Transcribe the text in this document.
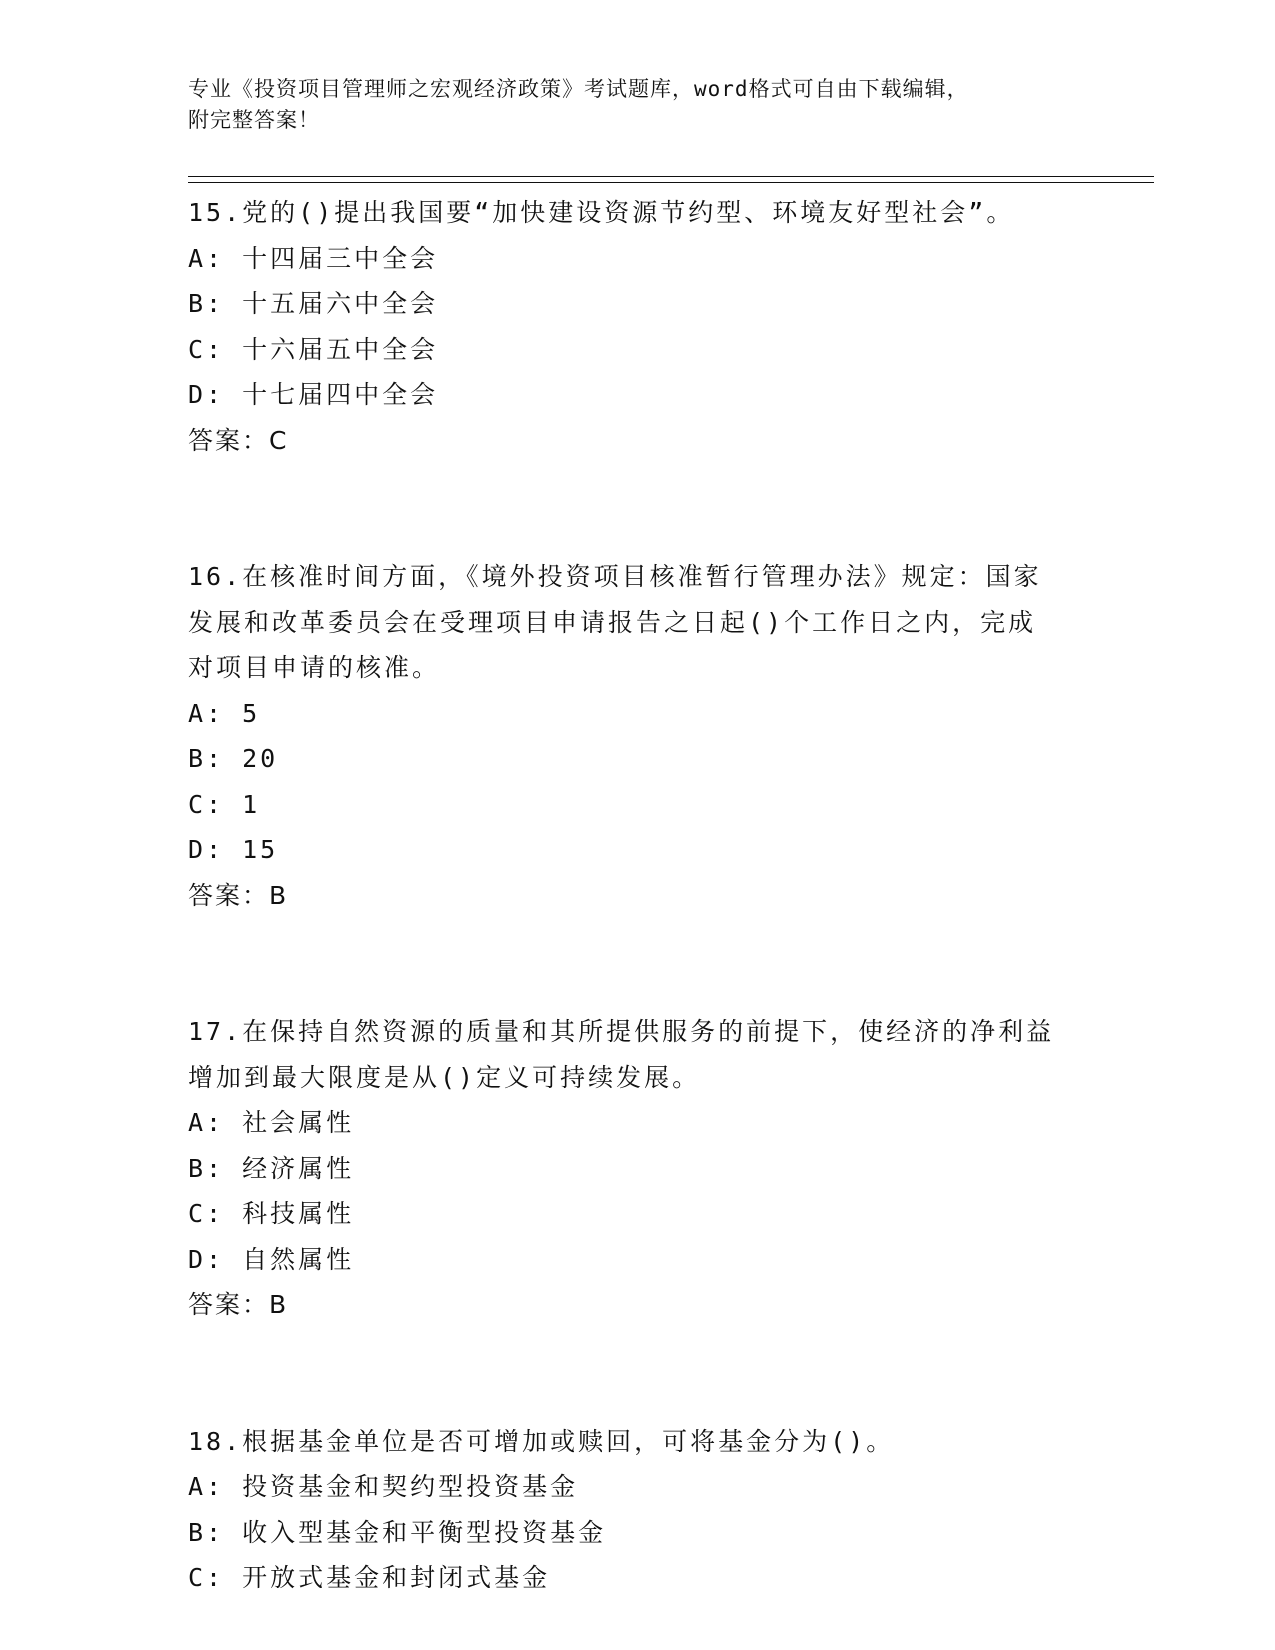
专业《投资项目管理师之宏观经济政策》考试题库，word格式可自由下载编辑，
附完整答案！

15.党的()提出我国要“加快建设资源节约型、环境友好型社会”。

A: 十四届三中全会

B: 十五届六中全会

C: 十六届五中全会

D: 十七届四中全会

答案：C

16.在核准时间方面，《境外投资项目核准暂行管理办法》规定：国家

发展和改革委员会在受理项目申请报告之日起()个工作日之内，完成

对项目申请的核准。

A: 5

B: 20

C: 1

D: 15

答案：B

17.在保持自然资源的质量和其所提供服务的前提下，使经济的净利益

增加到最大限度是从()定义可持续发展。

A: 社会属性

B: 经济属性

C: 科技属性

D: 自然属性

答案：B

18.根据基金单位是否可增加或赎回，可将基金分为()。

A: 投资基金和契约型投资基金

B: 收入型基金和平衡型投资基金

C: 开放式基金和封闭式基金
